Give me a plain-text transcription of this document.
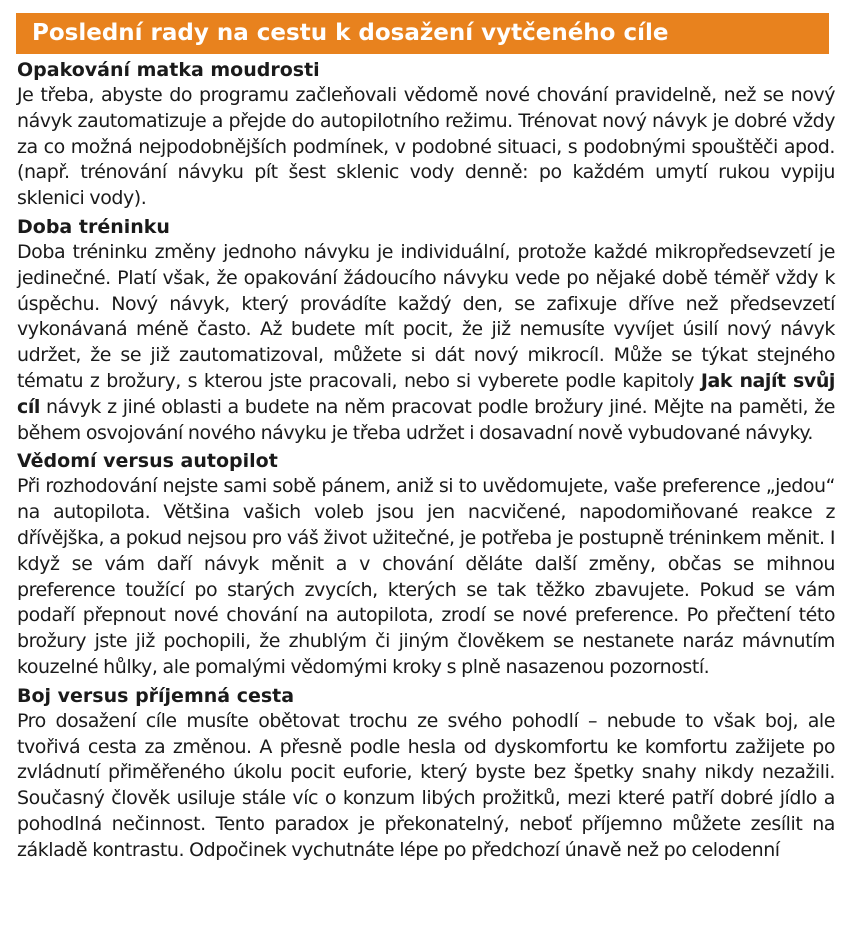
Poslední rady na cestu k dosažení vytčeného cíle
Opakování matka moudrosti

Je třeba, abyste do programu začleňovali vědomě nové chování pravidelně, než se nový návyk zautomatizuje a přejde do autopilotního režimu. Trénovat nový návyk je dobré vždy za co možná nejpodobnějších podmínek, v podobné situaci, s podobnými spouštěči apod. (např. trénování návyku pít šest sklenic vody denně: po každém umytí rukou vypiju sklenici vody).

Doba tréninku

Doba tréninku změny jednoho návyku je individuální, protože každé mikropředsevzetí je jedinečné. Platí však, že opakování žádoucího návyku vede po nějaké době téměř vždy k úspěchu. Nový návyk, který provádíte každý den, se zafixuje dříve než předsevzetí vykonávaná méně často. Až budete mít pocit, že již nemusíte vyvíjet úsilí nový návyk udržet, že se již zautomatizoval, můžete si dát nový mikrocíl. Může se týkat stejného tématu z brožury, s kterou jste pracovali, nebo si vyberete podle kapitoly Jak najít svůj cíl návyk z jiné oblasti a budete na něm pracovat podle brožury jiné. Mějte na paměti, že během osvojování nového návyku je třeba udržet i dosavadní nově vybudované návyky.

Vědomí versus autopilot

Při rozhodování nejste sami sobě pánem, aniž si to uvědomujete, vaše preference „jedou“ na autopilota. Většina vašich voleb jsou jen nacvičené, napodomiňované reakce z dřívějška, a pokud nejsou pro váš život užitečné, je potřeba je postupně tréninkem měnit. I když se vám daří návyk měnit a v chování děláte další změny, občas se mihnou preference toužící po starých zvycích, kterých se tak těžko zbavujete. Pokud se vám podaří přepnout nové chování na autopilota, zrodí se nové preference. Po přečtení této brožury jste již pochopili, že zhublým či jiným člověkem se nestanete naráz mávnutím kouzelné hůlky, ale pomalými vědomými kroky s plně nasazenou pozorností.

Boj versus příjemná cesta

Pro dosažení cíle musíte obětovat trochu ze svého pohodlí – nebude to však boj, ale tvořivá cesta za změnou. A přesně podle hesla od dyskomfortu ke komfortu zažijete po zvládnutí přiměřeného úkolu pocit euforie, který byste bez špetky snahy nikdy nezažili. Současný člověk usiluje stále víc o konzum libých prožitků, mezi které patří dobré jídlo a pohodlná nečinnost. Tento paradox je překonatelný, neboť příjemno můžete zesílit na základě kontrastu. Odpočinek vychutnáte lépe po předchozí únavě než po celodenní
